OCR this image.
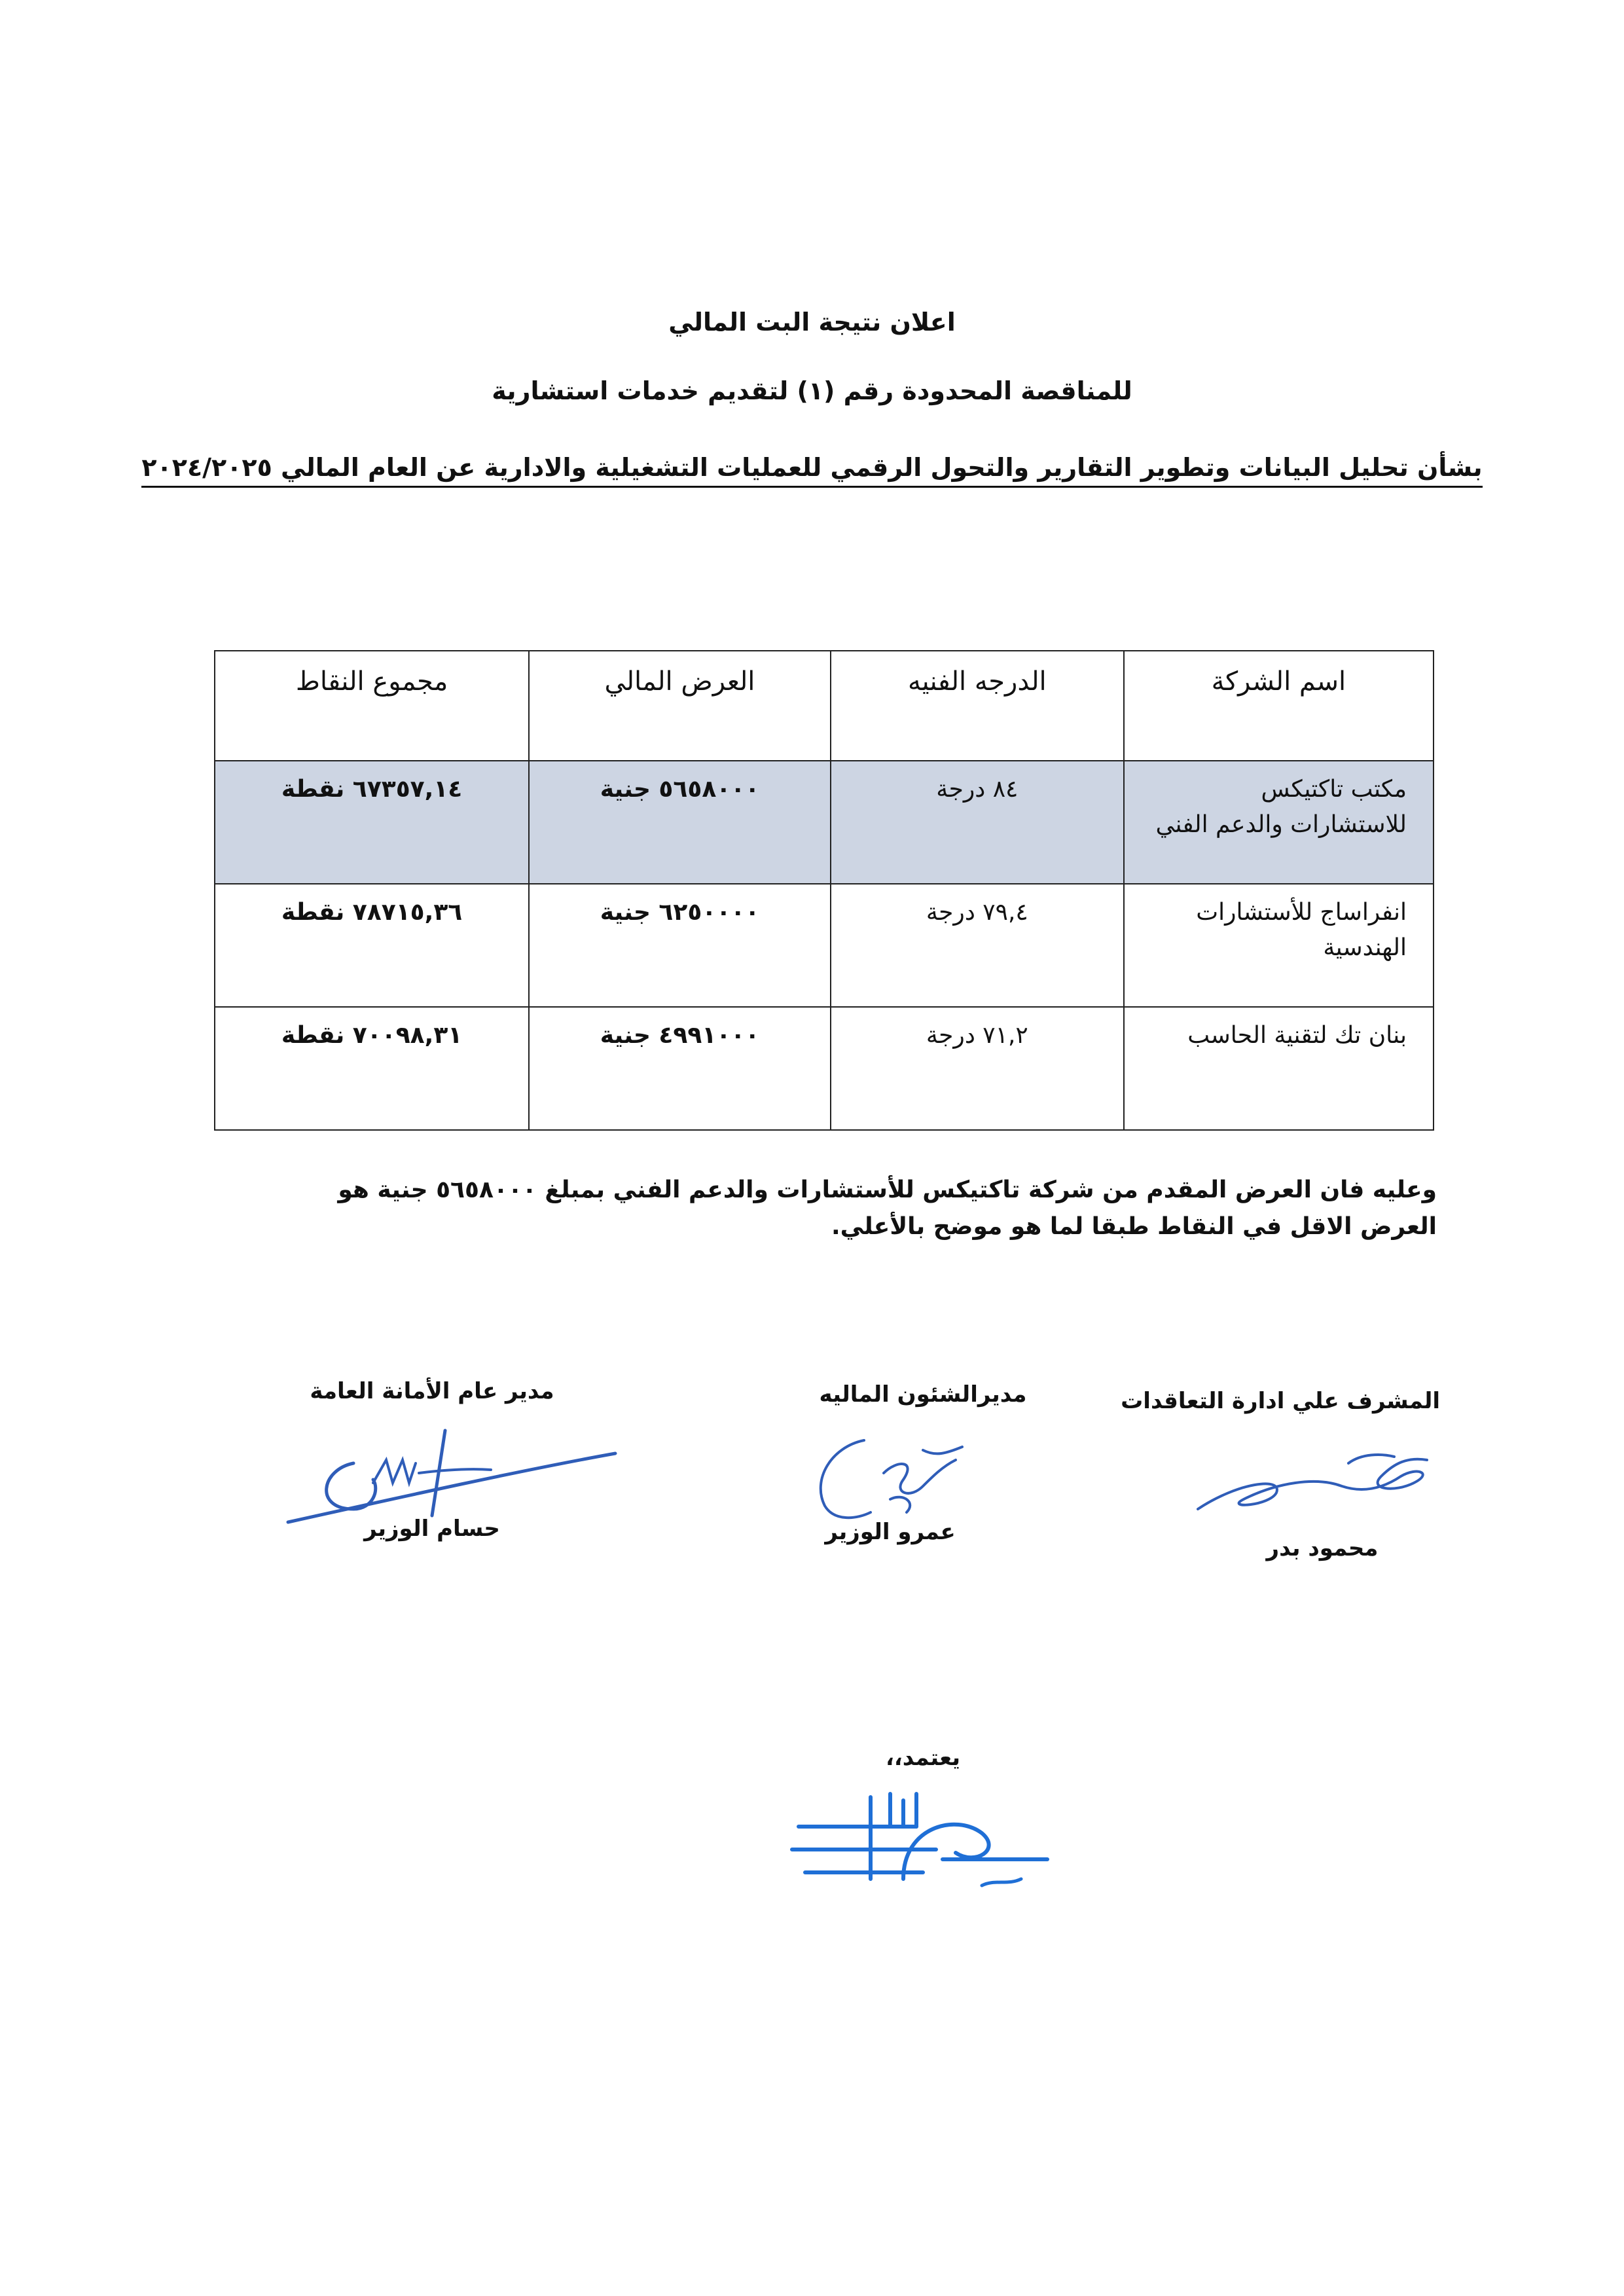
اعلان نتيجة البت المالي
للمناقصة المحدودة رقم (١) لتقديم خدمات استشارية
بشأن تحليل البيانات وتطوير التقارير والتحول الرقمي للعمليات التشغيلية والادارية عن العام المالي ٢٠٢٤/٢٠٢٥
اسم الشركة	الدرجه الفنيه	العرض المالي	مجموع النقاط
مكتب تاكتيكس للاستشارات والدعم الفني	٨٤ درجة	٥٦٥٨٠٠٠ جنية	٦٧٣٥٧,١٤ نقطة
انفراساج للأستشارات الهندسية	٧٩,٤ درجة	٦٢٥٠٠٠٠ جنية	٧٨٧١٥,٣٦ نقطة
بنان تك لتقنية الحاسب	٧١,٢ درجة	٤٩٩١٠٠٠ جنية	٧٠٠٩٨,٣١ نقطة
وعليه فان العرض المقدم من شركة تاكتيكس للأستشارات والدعم الفني بمبلغ ٥٦٥٨٠٠٠ جنية هو العرض الاقل في النقاط طبقا لما هو موضح بالأعلي.
المشرف علي ادارة التعاقدات
محمود بدر
مديرالشئون الماليه
عمرو الوزير
مدير عام الأمانة العامة
حسام الوزير
يعتمد،،
